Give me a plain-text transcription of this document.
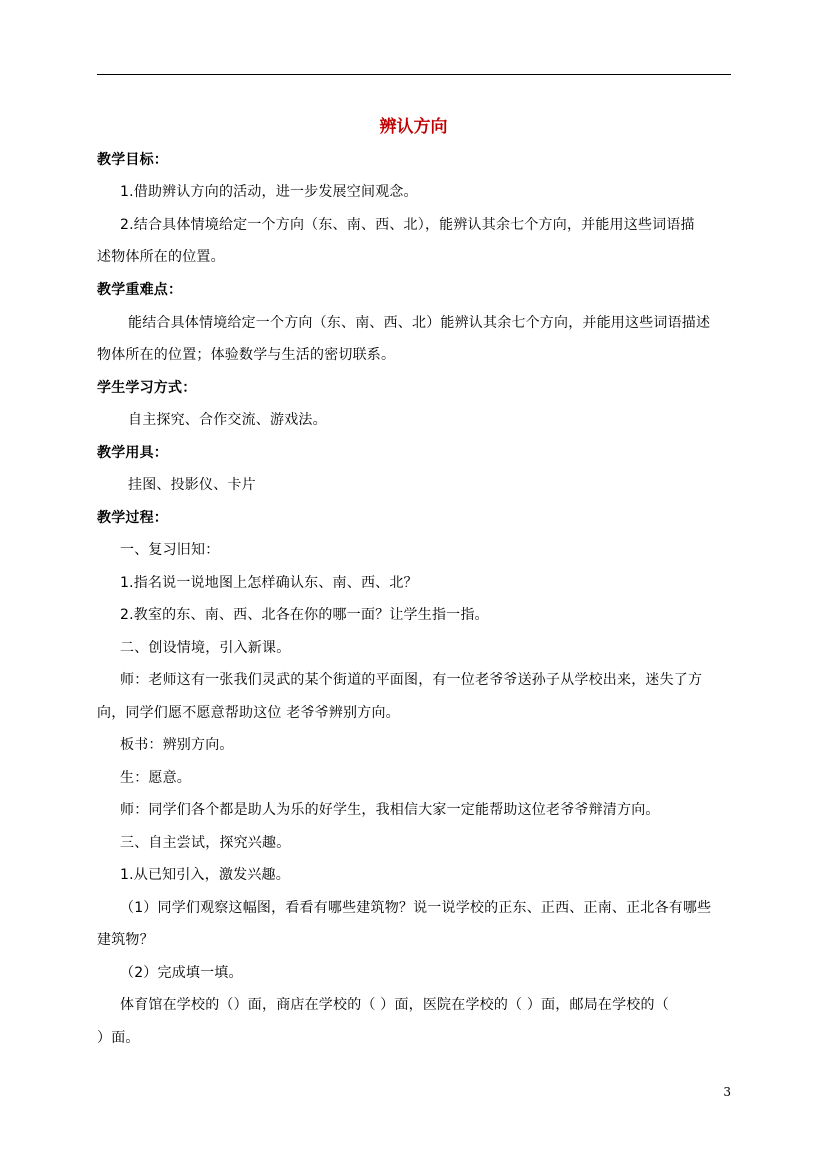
辨认方向
教学目标：
1.借助辨认方向的活动，进一步发展空间观念。
2.结合具体情境给定一个方向（东、南、西、北），能辨认其余七个方向，并能用这些词语描
述物体所在的位置。
教学重难点：
能结合具体情境给定一个方向（东、南、西、北）能辨认其余七个方向，并能用这些词语描述
物体所在的位置；体验数学与生活的密切联系。
学生学习方式：
自主探究、合作交流、游戏法。
教学用具：
挂图、投影仪、卡片
教学过程：
一、复习旧知：
1.指名说一说地图上怎样确认东、南、西、北？
2.教室的东、南、西、北各在你的哪一面？让学生指一指。
二、创设情境，引入新课。
师：老师这有一张我们灵武的某个街道的平面图，有一位老爷爷送孙子从学校出来，迷失了方
向，同学们愿不愿意帮助这位 老爷爷辨别方向。
板书：辨别方向。
生：愿意。
师：同学们各个都是助人为乐的好学生，我相信大家一定能帮助这位老爷爷辩清方向。
三、自主尝试，探究兴趣。
1.从已知引入，激发兴趣。
（1）同学们观察这幅图，看看有哪些建筑物？说一说学校的正东、正西、正南、正北各有哪些
建筑物？
（2）完成填一填。
体育馆在学校的（）面，商店在学校的（ ）面，医院在学校的（ ）面，邮局在学校的（
）面。
3
